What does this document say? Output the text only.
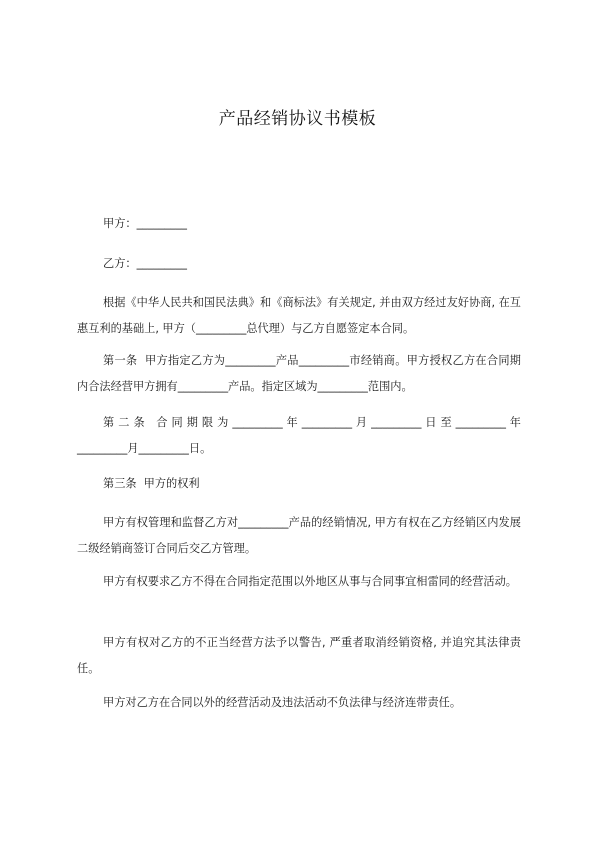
产品经销协议书模板
甲方：_________
乙方：_________
根据《中华人民共和国民法典》和《商标法》有关规定, 并由双方经过友好协商, 在互惠互利的基础上, 甲方（_________总代理）与乙方自愿签定本合同。
第一条  甲方指定乙方为_________产品_________市经销商。甲方授权乙方在合同期内合法经营甲方拥有_________产品。指定区域为_________范围内。
第 二 条   合 同 期 限 为 _________ 年 _________ 月 _________ 日 至 _________ 年_________月_________日。
第三条  甲方的权利
甲方有权管理和监督乙方对_________产品的经销情况, 甲方有权在乙方经销区内发展二级经销商签订合同后交乙方管理。
甲方有权要求乙方不得在合同指定范围以外地区从事与合同事宜相雷同的经营活动。
甲方有权对乙方的不正当经营方法予以警告, 严重者取消经销资格, 并追究其法律责任。
甲方对乙方在合同以外的经营活动及违法活动不负法律与经济连带责任。
